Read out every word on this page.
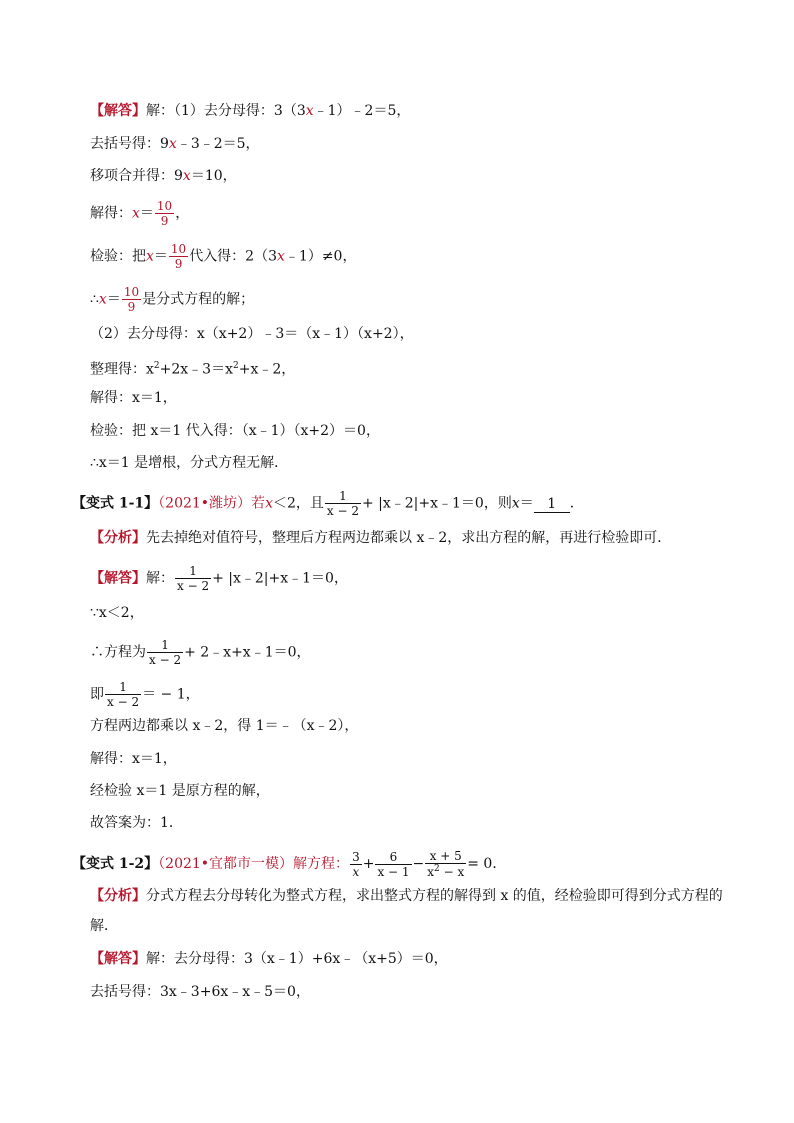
【解答】解：（1）去分母得：3（3x﹣1）﹣2＝5，
去括号得：9x﹣3﹣2＝5，
移项合并得：9x＝10，
解得：$x= \frac{10}{9}$ ，
检验：把$x= \frac{10}{9}$ 代入得：2（3x﹣1）≠0，
∴x＝ $\frac{10}{9}$ 是分式方程的解；
（2）去分母得：x（x+2）﹣3＝（x﹣1）（x+2），
整理得：$x^2+2x﹣3=x^2+x﹣2$，
解得：x＝1，
检验：把 x＝1 代入得：（x﹣1）（x+2）＝0，
∴x＝1 是增根，分式方程无解．
【变式 1-1】（2021•潍坊）若x＜2，且 $\frac{1}{x - 2}$ + |x﹣2|+x﹣1＝0，则x＝ 1 ．
【分析】先去掉绝对值符号，整理后方程两边都乘以 x﹣2，求出方程的解，再进行检验即可．
【解答】解： $\frac{1}{x - 2}$ + |x﹣2|+x﹣1＝0，
∵x＜2，
∴方程为 $\frac{1}{x - 2}$ + 2﹣x+x﹣1＝0，
即 $\frac{1}{x - 2}$ ＝ − 1，
方程两边都乘以 x﹣2，得 1＝﹣（x﹣2），
解得：x＝1，
经检验 x＝1 是原方程的解，
故答案为：1．
【变式 1-2】（2021•宜都市一模）解方程： $\frac{3}{x} + \frac{6}{x - 1} - \frac{x + 5}{x^2 - x} = 0$．
【分析】分式方程去分母转化为整式方程，求出整式方程的解得到 x 的值，经检验即可得到分式方程的
解．
【解答】解：去分母得：3（x﹣1）+6x﹣（x+5）＝0，
去括号得：3x﹣3+6x﹣x﹣5＝0，
